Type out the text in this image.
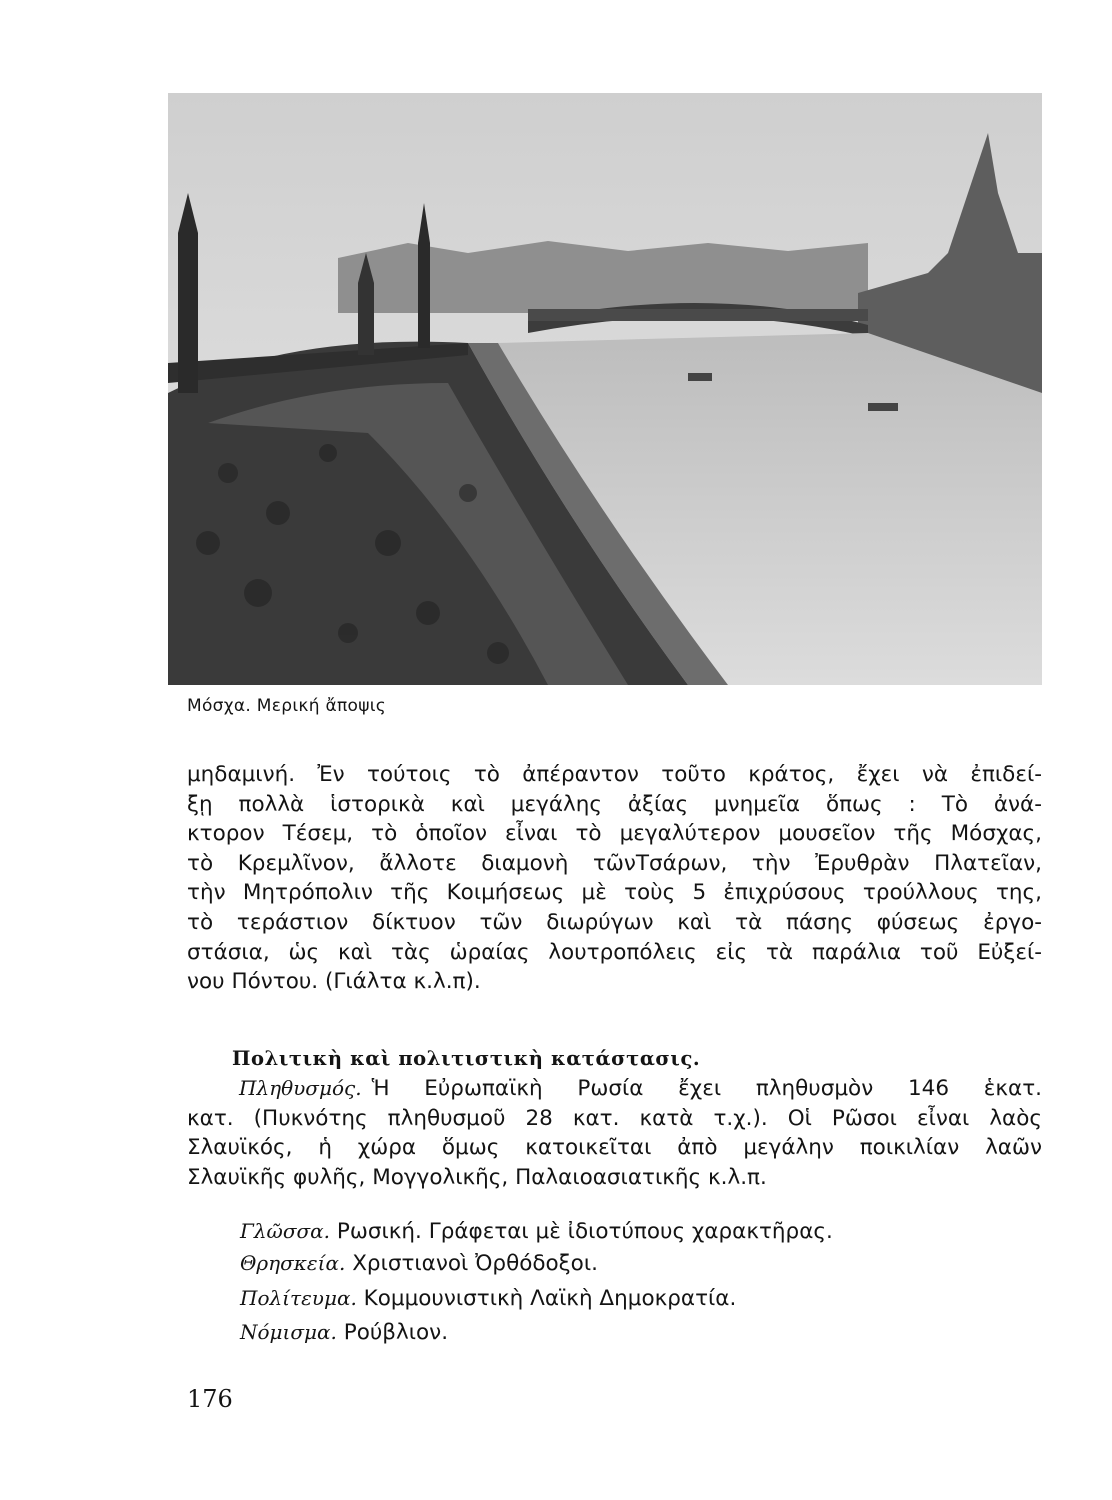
Μόσχα. Μερική ἄποψις
μηδαμινή. Ἐν τούτοις τὸ ἀπέραντον τοῦτο κράτος, ἔχει νὰ ἐπιδεί-
ξῃ πολλὰ ἱστορικὰ καὶ μεγάλης ἀξίας μνημεῖα ὅπως : Τὸ ἀνά-
κτορον Τέσεμ, τὸ ὁποῖον εἶναι τὸ μεγαλύτερον μουσεῖον τῆς Μόσχας,
τὸ Κρεμλῖνον, ἄλλοτε διαμονὴ τῶνΤσάρων, τὴν Ἐρυθρὰν Πλατεῖαν,
τὴν Μητρόπολιν τῆς Κοιμήσεως μὲ τοὺς 5 ἐπιχρύσους τρούλλους της,
τὸ τεράστιον δίκτυον τῶν διωρύγων καὶ τὰ πάσης φύσεως ἐργο-
στάσια, ὡς καὶ τὰς ὡραίας λουτροπόλεις εἰς τὰ παράλια τοῦ Εὐξεί-
νου Πόντου. (Γιάλτα κ.λ.π).
Πολιτικὴ καὶ πολιτιστικὴ κατάστασις.
Πληθυσμός. Ἡ Εὐρωπαϊκὴ Ρωσία ἔχει πληθυσμὸν 146 ἑκατ.
κατ. (Πυκνότης πληθυσμοῦ 28 κατ. κατὰ τ.χ.). Οἱ Ρῶσοι εἶναι λαὸς
Σλαυϊκός, ἡ χώρα ὅμως κατοικεῖται ἀπὸ μεγάλην ποικιλίαν λαῶν
Σλαυϊκῆς φυλῆς, Μογγολικῆς, Παλαιοασιατικῆς κ.λ.π.
Γλῶσσα. Ρωσική. Γράφεται μὲ ἰδιοτύπους χαρακτῆρας.
Θρησκεία. Χριστιανοὶ Ὀρθόδοξοι.
Πολίτευμα. Κομμουνιστικὴ Λαϊκὴ Δημοκρατία.
Νόμισμα. Ρούβλιον.
176
